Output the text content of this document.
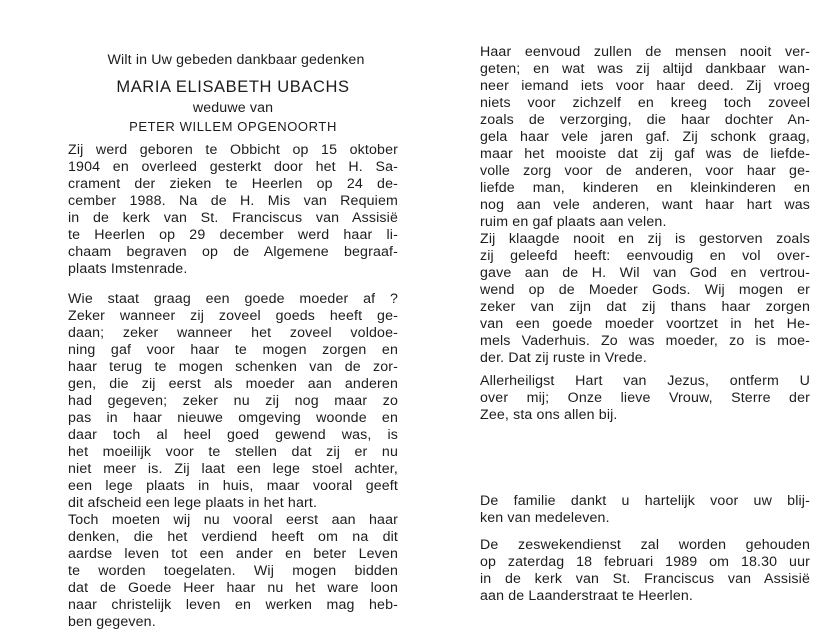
Wilt in Uw gebeden dankbaar gedenken
MARIA ELISABETH UBACHS
weduwe van
PETER WILLEM OPGENOORTH
Zij werd geboren te Obbicht op 15 oktober
1904 en overleed gesterkt door het H. Sa-
crament der zieken te Heerlen op 24 de-
cember 1988. Na de H. Mis van Requiem
in de kerk van St. Franciscus van Assisië
te Heerlen op 29 december werd haar li-
chaam begraven op de Algemene begraaf-
plaats Imstenrade.
Wie staat graag een goede moeder af ?
Zeker wanneer zij zoveel goeds heeft ge-
daan; zeker wanneer het zoveel voldoe-
ning gaf voor haar te mogen zorgen en
haar terug te mogen schenken van de zor-
gen, die zij eerst als moeder aan anderen
had gegeven; zeker nu zij nog maar zo
pas in haar nieuwe omgeving woonde en
daar toch al heel goed gewend was, is
het moeilijk voor te stellen dat zij er nu
niet meer is. Zij laat een lege stoel achter,
een lege plaats in huis, maar vooral geeft
dit afscheid een lege plaats in het hart.
Toch moeten wij nu vooral eerst aan haar
denken, die het verdiend heeft om na dit
aardse leven tot een ander en beter Leven
te worden toegelaten. Wij mogen bidden
dat de Goede Heer haar nu het ware loon
naar christelijk leven en werken mag heb-
ben gegeven.
Haar eenvoud zullen de mensen nooit ver-
geten; en wat was zij altijd dankbaar wan-
neer iemand iets voor haar deed. Zij vroeg
niets voor zichzelf en kreeg toch zoveel
zoals de verzorging, die haar dochter An-
gela haar vele jaren gaf. Zij schonk graag,
maar het mooiste dat zij gaf was de liefde-
volle zorg voor de anderen, voor haar ge-
liefde man, kinderen en kleinkinderen en
nog aan vele anderen, want haar hart was
ruim en gaf plaats aan velen.
Zij klaagde nooit en zij is gestorven zoals
zij geleefd heeft: eenvoudig en vol over-
gave aan de H. Wil van God en vertrou-
wend op de Moeder Gods. Wij mogen er
zeker van zijn dat zij thans haar zorgen
van een goede moeder voortzet in het He-
mels Vaderhuis. Zo was moeder, zo is moe-
der. Dat zij ruste in Vrede.
Allerheiligst Hart van Jezus, ontferm U
over mij; Onze lieve Vrouw, Sterre der
Zee, sta ons allen bij.
De familie dankt u hartelijk voor uw blij-
ken van medeleven.
De zeswekendienst zal worden gehouden
op zaterdag 18 februari 1989 om 18.30 uur
in de kerk van St. Franciscus van Assisië
aan de Laanderstraat te Heerlen.
